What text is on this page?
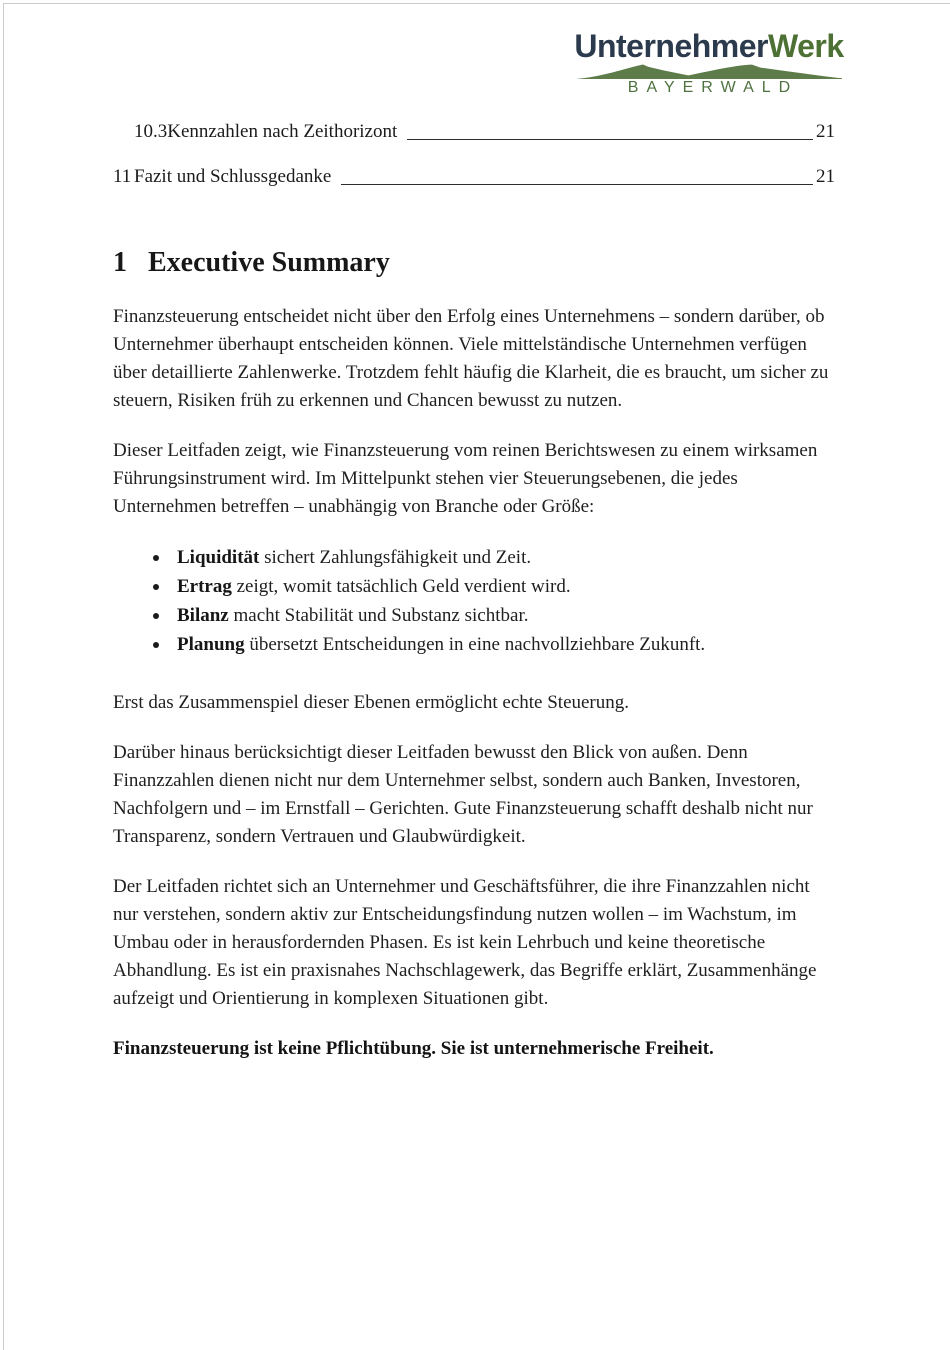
UnternehmerWerk
BAYERWALD
10.3 Kennzahlen nach Zeithorizont	21
11 Fazit und Schlussgedanke	21
1 Executive Summary

Finanzsteuerung entscheidet nicht über den Erfolg eines Unternehmens – sondern darüber, ob Unternehmer überhaupt entscheiden können. Viele mittelständische Unternehmen verfügen über detaillierte Zahlenwerke. Trotzdem fehlt häufig die Klarheit, die es braucht, um sicher zu steuern, Risiken früh zu erkennen und Chancen bewusst zu nutzen.

Dieser Leitfaden zeigt, wie Finanzsteuerung vom reinen Berichtswesen zu einem wirksamen Führungsinstrument wird. Im Mittelpunkt stehen vier Steuerungsebenen, die jedes Unternehmen betreffen – unabhängig von Branche oder Größe:

Liquidität sichert Zahlungsfähigkeit und Zeit.
Ertrag zeigt, womit tatsächlich Geld verdient wird.
Bilanz macht Stabilität und Substanz sichtbar.
Planung übersetzt Entscheidungen in eine nachvollziehbare Zukunft.

Erst das Zusammenspiel dieser Ebenen ermöglicht echte Steuerung.

Darüber hinaus berücksichtigt dieser Leitfaden bewusst den Blick von außen. Denn Finanzzahlen dienen nicht nur dem Unternehmer selbst, sondern auch Banken, Investoren, Nachfolgern und – im Ernstfall – Gerichten. Gute Finanzsteuerung schafft deshalb nicht nur Transparenz, sondern Vertrauen und Glaubwürdigkeit.

Der Leitfaden richtet sich an Unternehmer und Geschäftsführer, die ihre Finanzzahlen nicht nur verstehen, sondern aktiv zur Entscheidungsfindung nutzen wollen – im Wachstum, im Umbau oder in herausfordernden Phasen. Es ist kein Lehrbuch und keine theoretische Abhandlung. Es ist ein praxisnahes Nachschlagewerk, das Begriffe erklärt, Zusammenhänge aufzeigt und Orientierung in komplexen Situationen gibt.

Finanzsteuerung ist keine Pflichtübung. Sie ist unternehmerische Freiheit.
